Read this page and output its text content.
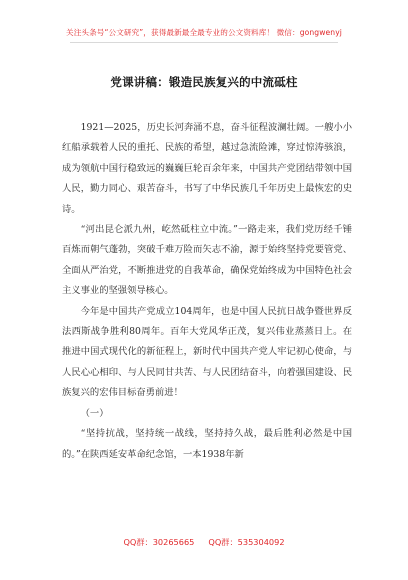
关注头条号“公文研究”，获得最新最全最专业的公文资料库！ 微信：gongwenyj
党课讲稿：锻造民族复兴的中流砥柱

1921—2025，历史长河奔涌不息，奋斗征程波澜壮阔。一艘小小红船承载着人民的重托、民族的希望，越过急流险滩，穿过惊涛骇浪，成为领航中国行稳致远的巍巍巨轮百余年来，中国共产党团结带领中国人民，勤力同心、艰苦奋斗，书写了中华民族几千年历史上最恢宏的史诗。

“河出昆仑派九州，屹然砥柱立中流。”一路走来，我们党历经千锤百炼而朝气蓬勃，突破千难万险而矢志不渝，源于始终坚持党要管党、全面从严治党，不断推进党的自我革命，确保党始终成为中国特色社会主义事业的坚强领导核心。

今年是中国共产党成立104周年，也是中国人民抗日战争暨世界反法西斯战争胜利80周年。百年大党风华正茂，复兴伟业蒸蒸日上。在推进中国式现代化的新征程上，新时代中国共产党人牢记初心使命，与人民心心相印、与人民同甘共苦、与人民团结奋斗，向着强国建设、民族复兴的宏伟目标奋勇前进！

（一）

“坚持抗战，坚持统一战线，坚持持久战，最后胜利必然是中国的。”在陕西延安革命纪念馆，一本1938年新

QQ群：30265665 QQ群：535304092
